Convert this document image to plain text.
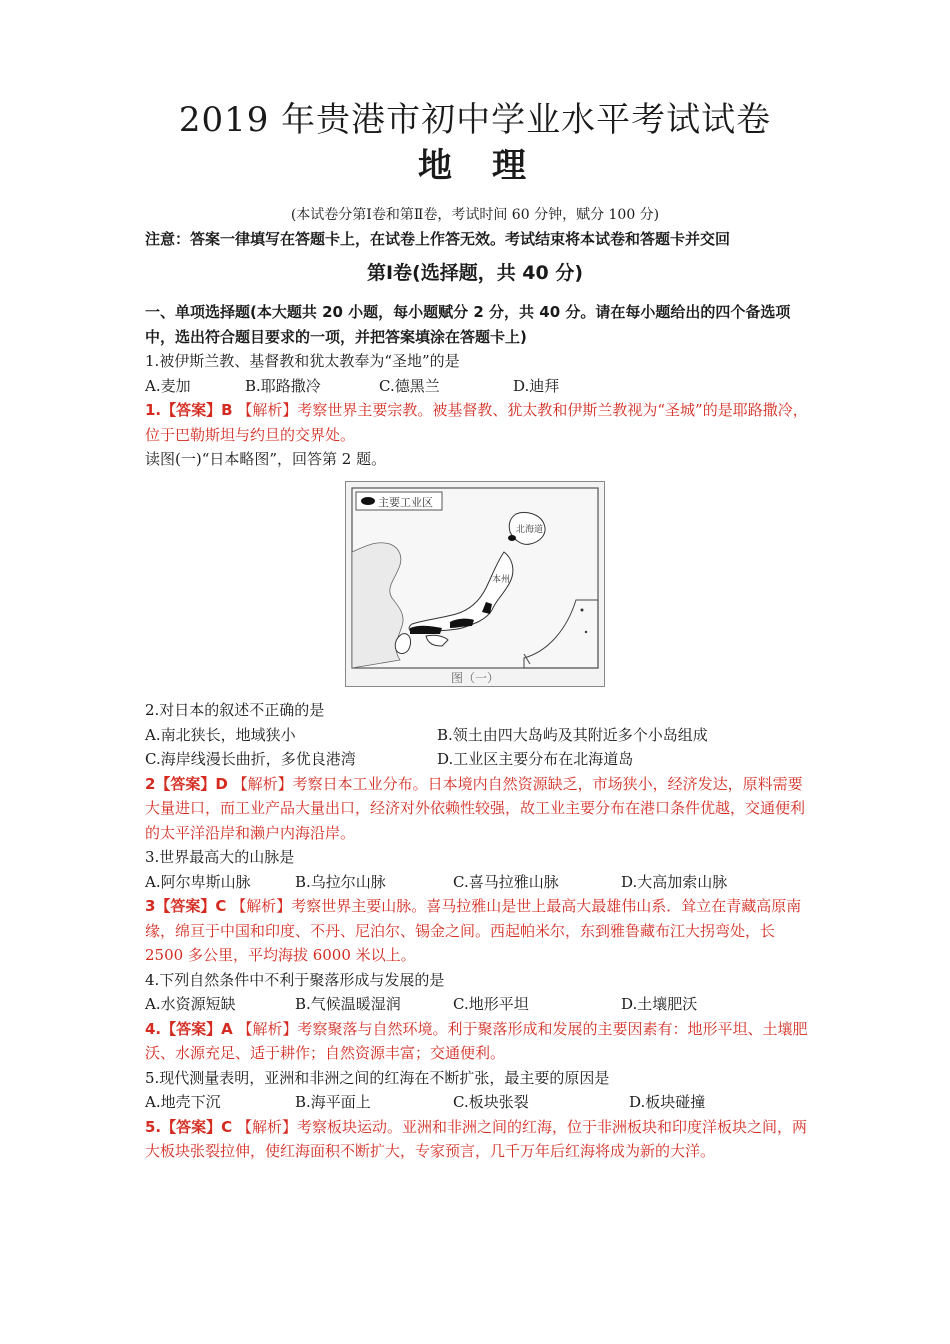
2019 年贵港市初中学业水平考试试卷
地 理
(本试卷分第Ⅰ卷和第Ⅱ卷，考试时间 60 分钟，赋分 100 分)
注意：答案一律填写在答题卡上，在试卷上作答无效。考试结束将本试卷和答题卡并交回
第Ⅰ卷(选择题，共 40 分)
一、单项选择题(本大题共 20 小题，每小题赋分 2 分，共 40 分。请在每小题给出的四个备选项中，选出符合题目要求的一项，并把答案填涂在答题卡上)
1.被伊斯兰教、基督教和犹太教奉为“圣地”的是
A.麦加	B.耶路撒冷	C.德黑兰	D.迪拜
1.【答案】B 【解析】考察世界主要宗教。被基督教、犹太教和伊斯兰教视为“圣城”的是耶路撒冷，位于巴勒斯坦与约旦的交界处。
读图(一)“日本略图”，回答第 2 题。
主要工业区
北海道
本州
图（一）
2.对日本的叙述不正确的是
A.南北狭长，地域狭小	B.领土由四大岛屿及其附近多个小岛组成
C.海岸线漫长曲折，多优良港湾	D.工业区主要分布在北海道岛
2【答案】D 【解析】考察日本工业分布。日本境内自然资源缺乏，市场狭小，经济发达，原料需要大量进口，而工业产品大量出口，经济对外依赖性较强，故工业主要分布在港口条件优越，交通便利的太平洋沿岸和濑户内海沿岸。
3.世界最高大的山脉是
A.阿尔卑斯山脉	B.乌拉尔山脉	C.喜马拉雅山脉	D.大高加索山脉
3【答案】C 【解析】考察世界主要山脉。喜马拉雅山是世上最高大最雄伟山系．耸立在青藏高原南缘，绵亘于中国和印度、不丹、尼泊尔、锡金之间。西起帕米尔，东到雅鲁藏布江大拐弯处，长 2500 多公里，平均海拔 6000 米以上。
4.下列自然条件中不利于聚落形成与发展的是
A.水资源短缺	B.气候温暖湿润	C.地形平坦	D.土壤肥沃
4.【答案】A 【解析】考察聚落与自然环境。利于聚落形成和发展的主要因素有：地形平坦、土壤肥沃、水源充足、适于耕作；自然资源丰富；交通便利。
5.现代测量表明，亚洲和非洲之间的红海在不断扩张，最主要的原因是
A.地壳下沉	B.海平面上	C.板块张裂	D.板块碰撞
5.【答案】C 【解析】考察板块运动。亚洲和非洲之间的红海，位于非洲板块和印度洋板块之间，两大板块张裂拉伸，使红海面积不断扩大，专家预言，几千万年后红海将成为新的大洋。
